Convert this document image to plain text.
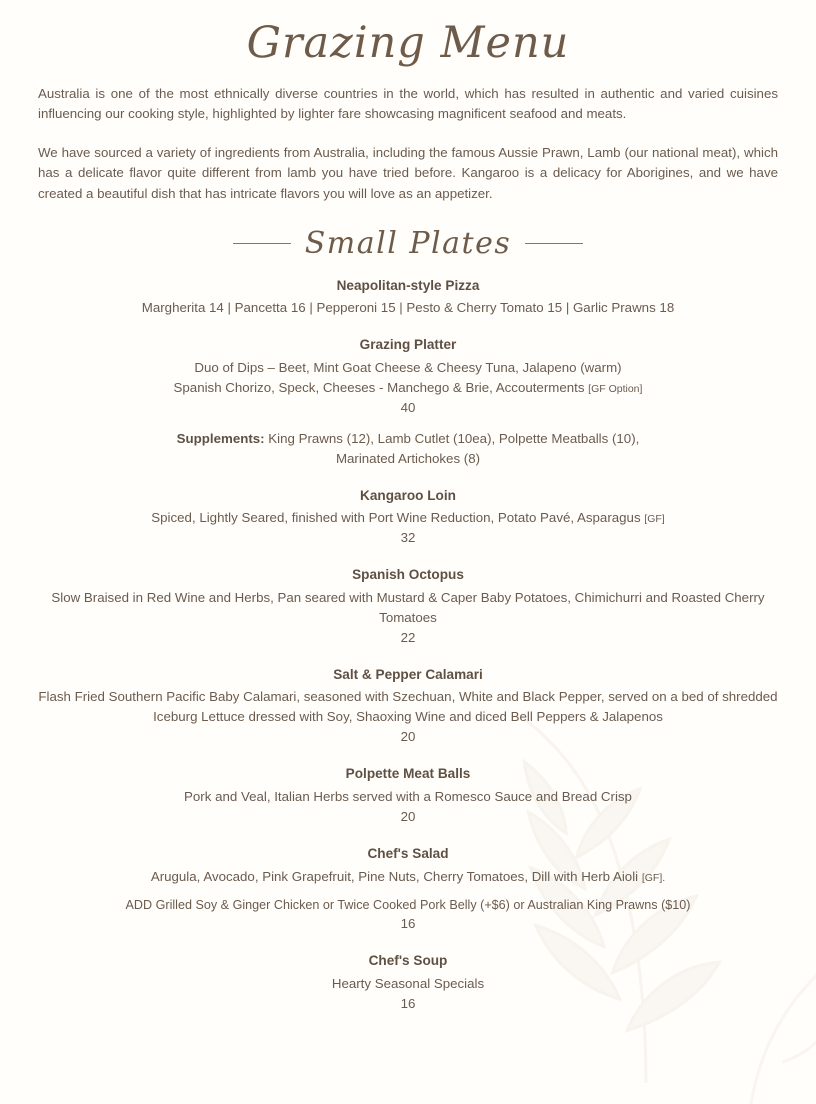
Grazing Menu

Australia is one of the most ethnically diverse countries in the world, which has resulted in authentic and varied cuisines influencing our cooking style, highlighted by lighter fare showcasing magnificent seafood and meats.

We have sourced a variety of ingredients from Australia, including the famous Aussie Prawn, Lamb (our national meat), which has a delicate flavor quite different from lamb you have tried before. Kangaroo is a delicacy for Aborigines, and we have created a beautiful dish that has intricate flavors you will love as an appetizer.

Small Plates
Neapolitan-style Pizza
Margherita 14 | Pancetta 16 | Pepperoni 15 | Pesto & Cherry Tomato 15 | Garlic Prawns 18
Grazing Platter
Duo of Dips – Beet, Mint Goat Cheese & Cheesy Tuna, Jalapeno (warm)
Spanish Chorizo, Speck, Cheeses - Manchego & Brie, Accouterments [GF Option]
40
Supplements: King Prawns (12), Lamb Cutlet (10ea), Polpette Meatballs (10),
Marinated Artichokes (8)
Kangaroo Loin
Spiced, Lightly Seared, finished with Port Wine Reduction, Potato Pavé, Asparagus [GF]
32
Spanish Octopus
Slow Braised in Red Wine and Herbs, Pan seared with Mustard & Caper Baby Potatoes, Chimichurri and Roasted Cherry Tomatoes
22
Salt & Pepper Calamari
Flash Fried Southern Pacific Baby Calamari, seasoned with Szechuan, White and Black Pepper, served on a bed of shredded Iceburg Lettuce dressed with Soy, Shaoxing Wine and diced Bell Peppers & Jalapenos
20
Polpette Meat Balls
Pork and Veal, Italian Herbs served with a Romesco Sauce and Bread Crisp
20
Chef's Salad
Arugula, Avocado, Pink Grapefruit, Pine Nuts, Cherry Tomatoes, Dill with Herb Aioli [GF].
ADD Grilled Soy & Ginger Chicken or Twice Cooked Pork Belly (+$6) or Australian King Prawns ($10)
16
Chef's Soup
Hearty Seasonal Specials
16
